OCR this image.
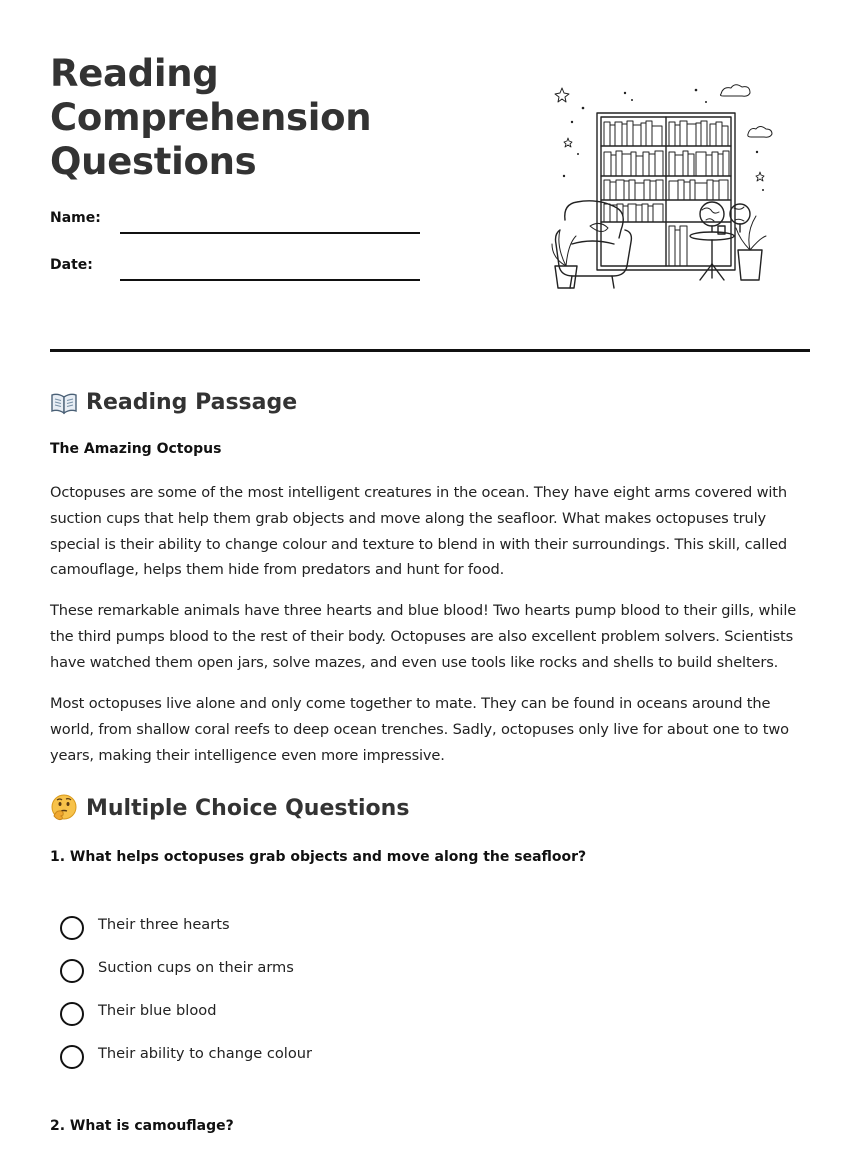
Reading Comprehension Questions
Name:
Date:
Reading Passage
The Amazing Octopus

Octopuses are some of the most intelligent creatures in the ocean. They have eight arms covered with suction cups that help them grab objects and move along the seafloor. What makes octopuses truly special is their ability to change colour and texture to blend in with their surroundings. This skill, called camouflage, helps them hide from predators and hunt for food.

These remarkable animals have three hearts and blue blood! Two hearts pump blood to their gills, while the third pumps blood to the rest of their body. Octopuses are also excellent problem solvers. Scientists have watched them open jars, solve mazes, and even use tools like rocks and shells to build shelters.

Most octopuses live alone and only come together to mate. They can be found in oceans around the world, from shallow coral reefs to deep ocean trenches. Sadly, octopuses only live for about one to two years, making their intelligence even more impressive.

Multiple Choice Questions
1. What helps octopuses grab objects and move along the seafloor?
Their three hearts
Suction cups on their arms
Their blue blood
Their ability to change colour
2. What is camouflage?
